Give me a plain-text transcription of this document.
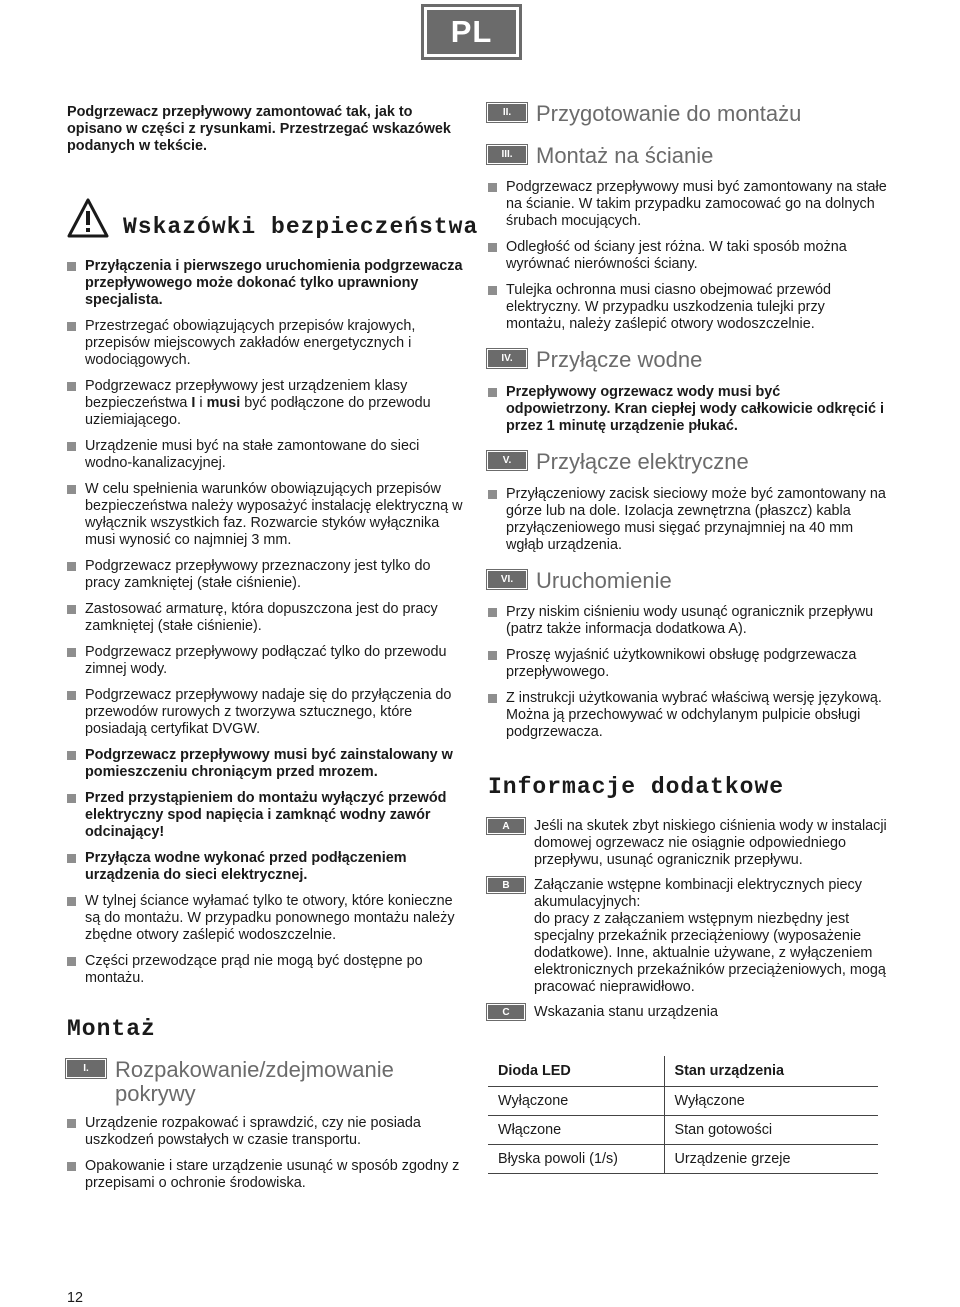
PL

Podgrzewacz przepływowy zamontować tak, jak to opisano w części z rysunkami. Przestrzegać wskazówek podanych w tekście.

Wskazówki bezpieczeństwa
Przyłączenia i pierwszego uruchomienia podgrzewacza przepływowego może dokonać tylko uprawniony specjalista.
Przestrzegać obowiązujących przepisów krajowych, przepisów miejscowych zakładów energetycznych i wodociągowych.
Podgrzewacz przepływowy jest urządzeniem klasy bezpieczeństwa I i musi być podłączone do przewodu uziemiającego.
Urządzenie musi być na stałe zamontowane do sieci wodno-kanalizacyjnej.
W celu spełnienia warunków obowiązujących przepisów bezpieczeństwa należy wyposażyć instalację elektryczną w wyłącznik wszystkich faz. Rozwarcie styków wyłącznika musi wynosić co najmniej 3 mm.
Podgrzewacz przepływowy przeznaczony jest tylko do pracy zamkniętej (stałe ciśnienie).
Zastosować armaturę, która dopuszczona jest do pracy zamkniętej (stałe ciśnienie).
Podgrzewacz przepływowy podłączać tylko do przewodu zimnej wody.
Podgrzewacz przepływowy nadaje się do przyłączenia do przewodów rurowych z tworzywa sztucznego, które posiadają certyfikat DVGW.
Podgrzewacz przepływowy musi być zainstalowany w pomieszczeniu chroniącym przed mrozem.
Przed przystąpieniem do montażu wyłączyć przewód elektryczny spod napięcia i zamknąć wodny zawór odcinający!
Przyłącza wodne wykonać przed podłączeniem urządzenia do sieci elektrycznej.
W tylnej ściance wyłamać tylko te otwory, które konieczne są do montażu. W przypadku ponownego montażu należy zbędne otwory zaślepić wodoszczelnie.
Części przewodzące prąd nie mogą być dostępne po montażu.
Montaż
I.	Rozpakowanie/zdejmowanie pokrywy
Urządzenie rozpakować i sprawdzić, czy nie posiada uszkodzeń powstałych w czasie transportu.
Opakowanie i stare urządzenie usunąć w sposób zgodny z przepisami o ochronie środowiska.
II.	Przygotowanie do montażu
III.	Montaż na ścianie
Podgrzewacz przepływowy musi być zamontowany na stałe na ścianie. W takim przypadku zamocować go na dolnych śrubach mocujących.
Odległość od ściany jest różna. W taki sposób można wyrównać nierówności ściany.
Tulejka ochronna musi ciasno obejmować przewód elektryczny. W przypadku uszkodzenia tulejki przy montażu, należy zaślepić otwory wodoszczelnie.
IV.	Przyłącze wodne
Przepływowy ogrzewacz wody musi być odpowietrzony. Kran ciepłej wody całkowicie odkręcić i przez 1 minutę urządzenie płukać.
V.	Przyłącze elektryczne
Przyłączeniowy zacisk sieciowy może być zamontowany na górze lub na dole. Izolacja zewnętrzna (płaszcz) kabla przyłączeniowego musi sięgać przynajmniej na 40 mm wgłąb urządzenia.
VI.	Uruchomienie
Przy niskim ciśnieniu wody usunąć ogranicznik przepływu (patrz także informacja dodatkowa A).
Proszę wyjaśnić użytkownikowi obsługę podgrzewacza przepływowego.
Z instrukcji użytkowania wybrać właściwą wersję językową. Można ją przechowywać w odchylanym pulpicie obsługi podgrzewacza.
Informacje dodatkowe
A	Jeśli na skutek zbyt niskiego ciśnienia wody w instalacji domowej ogrzewacz nie osiągnie odpowiedniego przepływu, usunąć ogranicznik przepływu.
B	Załączanie wstępne kombinacji elektrycznych piecy akumulacyjnych:
do pracy z załączaniem wstępnym niezbędny jest specjalny przekaźnik przeciążeniowy (wyposażenie dodatkowe). Inne, aktualnie używane, z wyłączeniem elektronicznych przekaźników przeciążeniowych, mogą pracować nieprawidłowo.
C	Wskazania stanu urządzenia
Dioda LED	Stan urządzenia
Wyłączone	Wyłączone
Włączone	Stan gotowości
Błyska powoli (1/s)	Urządzenie grzeje
12
